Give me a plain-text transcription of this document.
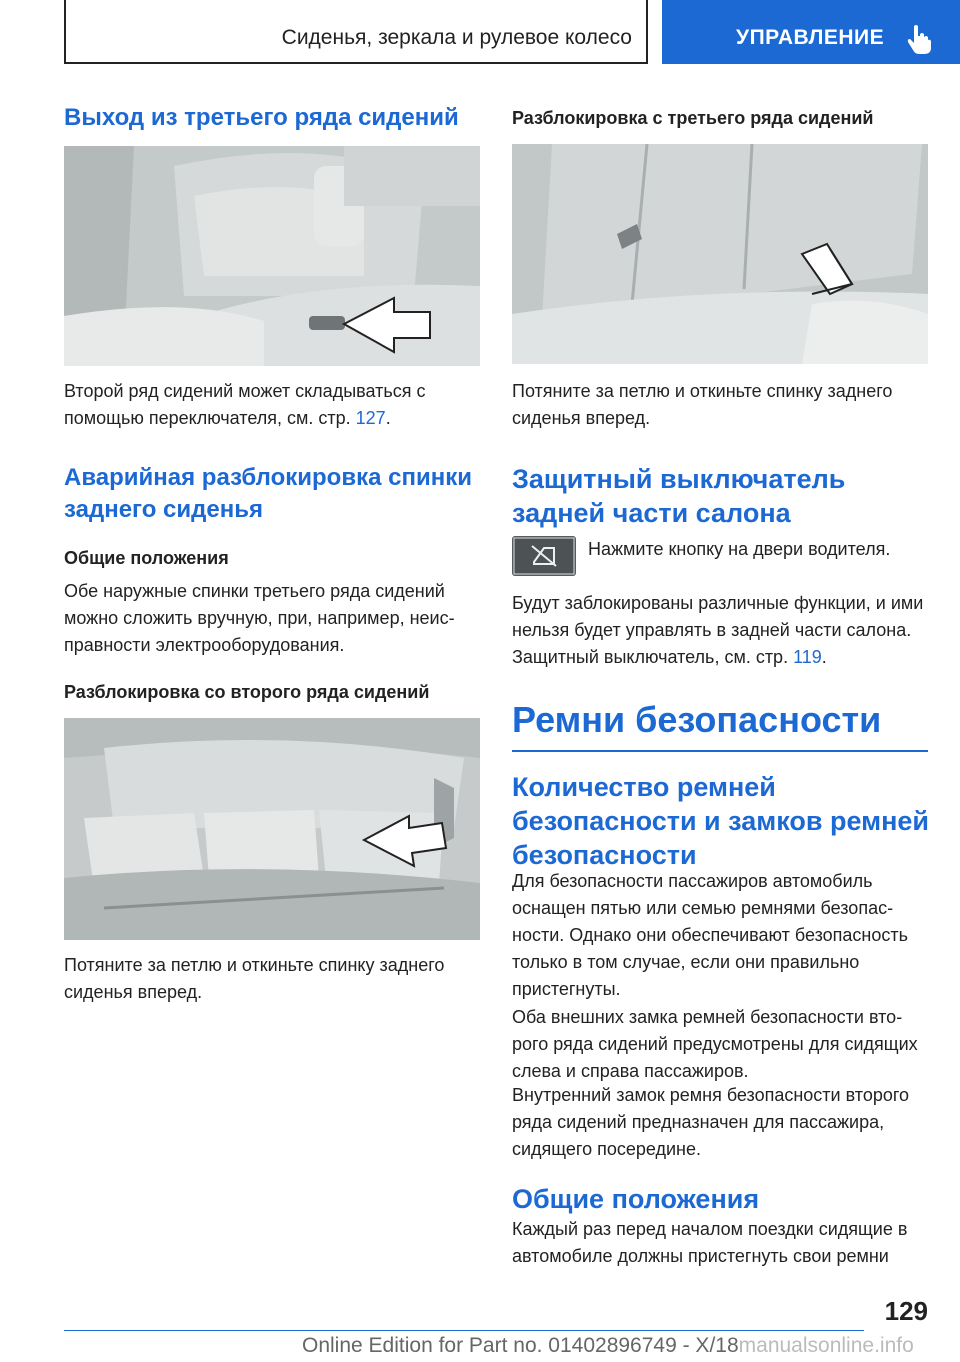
Сиденья, зеркала и рулевое колесо	УПРАВЛЕНИЕ
Выход из третьего ряда сидений

Второй ряд сидений может складываться с помощью переключателя, см. стр. 127.

Аварийная разблокировка спинки заднего сиденья
Общие положения

Обе наружные спинки третьего ряда сидений можно сложить вручную, при, например, неисправности электрооборудования.

Разблокировка со второго ряда сидений

Потяните за петлю и откиньте спинку заднего сиденья вперед.

Разблокировка с третьего ряда сидений

Потяните за петлю и откиньте спинку заднего сиденья вперед.

Защитный выключатель задней части салона

Нажмите кнопку на двери водителя.

Будут заблокированы различные функции, и ими нельзя будет управлять в задней части салона. Защитный выключатель, см. стр. 119.

Ремни безопасности
Количество ремней безопасности и замков ремней безопасности

Для безопасности пассажиров автомобиль оснащен пятью или семью ремнями безопасности. Однако они обеспечивают безопасность только в том случае, если они правильно пристегнуты.

Оба внешних замка ремней безопасности второго ряда сидений предусмотрены для сидящих слева и справа пассажиров.

Внутренний замок ремня безопасности второго ряда сидений предназначен для пассажира, сидящего посередине.

Общие положения

Каждый раз перед началом поездки сидящие в автомобиле должны пристегнуть свои ремни

129
Online Edition for Part no. 01402896749 - X/18manualsonline.info
